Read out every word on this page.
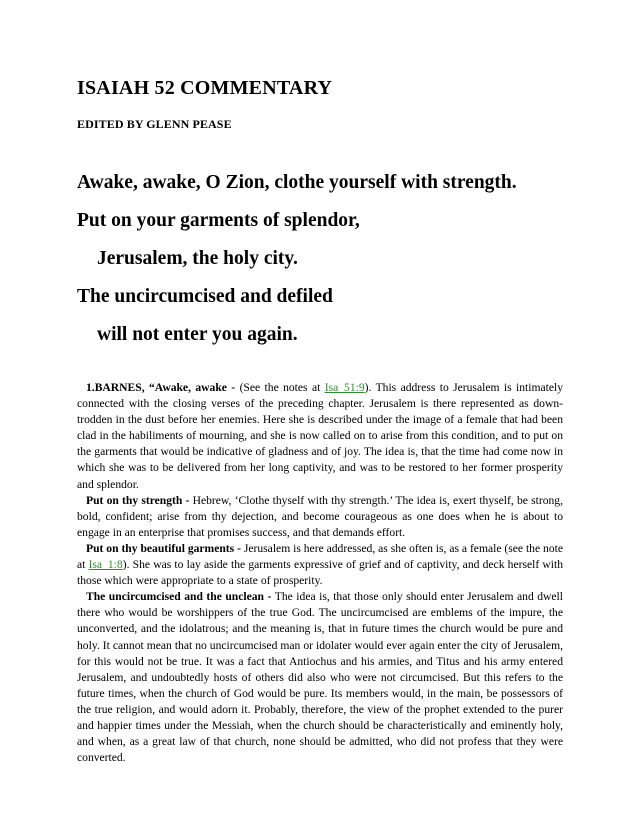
ISAIAH 52 COMMENTARY
EDITED BY GLENN PEASE
Awake, awake, O Zion, clothe yourself with strength.
Put on your garments of splendor,
Jerusalem, the holy city.
The uncircumcised and defiled
will not enter you again.

1.BARNES, “Awake, awake - (See the notes at Isa_51:9). This address to Jerusalem is intimately connected with the closing verses of the preceding chapter. Jerusalem is there represented as down-trodden in the dust before her enemies. Here she is described under the image of a female that had been clad in the habiliments of mourning, and she is now called on to arise from this condition, and to put on the garments that would be indicative of gladness and of joy. The idea is, that the time had come now in which she was to be delivered from her long captivity, and was to be restored to her former prosperity and splendor.

Put on thy strength - Hebrew, ‘Clothe thyself with thy strength.’ The idea is, exert thyself, be strong, bold, confident; arise from thy dejection, and become courageous as one does when he is about to engage in an enterprise that promises success, and that demands effort.

Put on thy beautiful garments - Jerusalem is here addressed, as she often is, as a female (see the note at Isa_1:8). She was to lay aside the garments expressive of grief and of captivity, and deck herself with those which were appropriate to a state of prosperity.

The uncircumcised and the unclean - The idea is, that those only should enter Jerusalem and dwell there who would be worshippers of the true God. The uncircumcised are emblems of the impure, the unconverted, and the idolatrous; and the meaning is, that in future times the church would be pure and holy. It cannot mean that no uncircumcised man or idolater would ever again enter the city of Jerusalem, for this would not be true. It was a fact that Antiochus and his armies, and Titus and his army entered Jerusalem, and undoubtedly hosts of others did also who were not circumcised. But this refers to the future times, when the church of God would be pure. Its members would, in the main, be possessors of the true religion, and would adorn it. Probably, therefore, the view of the prophet extended to the purer and happier times under the Messiah, when the church should be characteristically and eminently holy, and when, as a great law of that church, none should be admitted, who did not profess that they were converted.
